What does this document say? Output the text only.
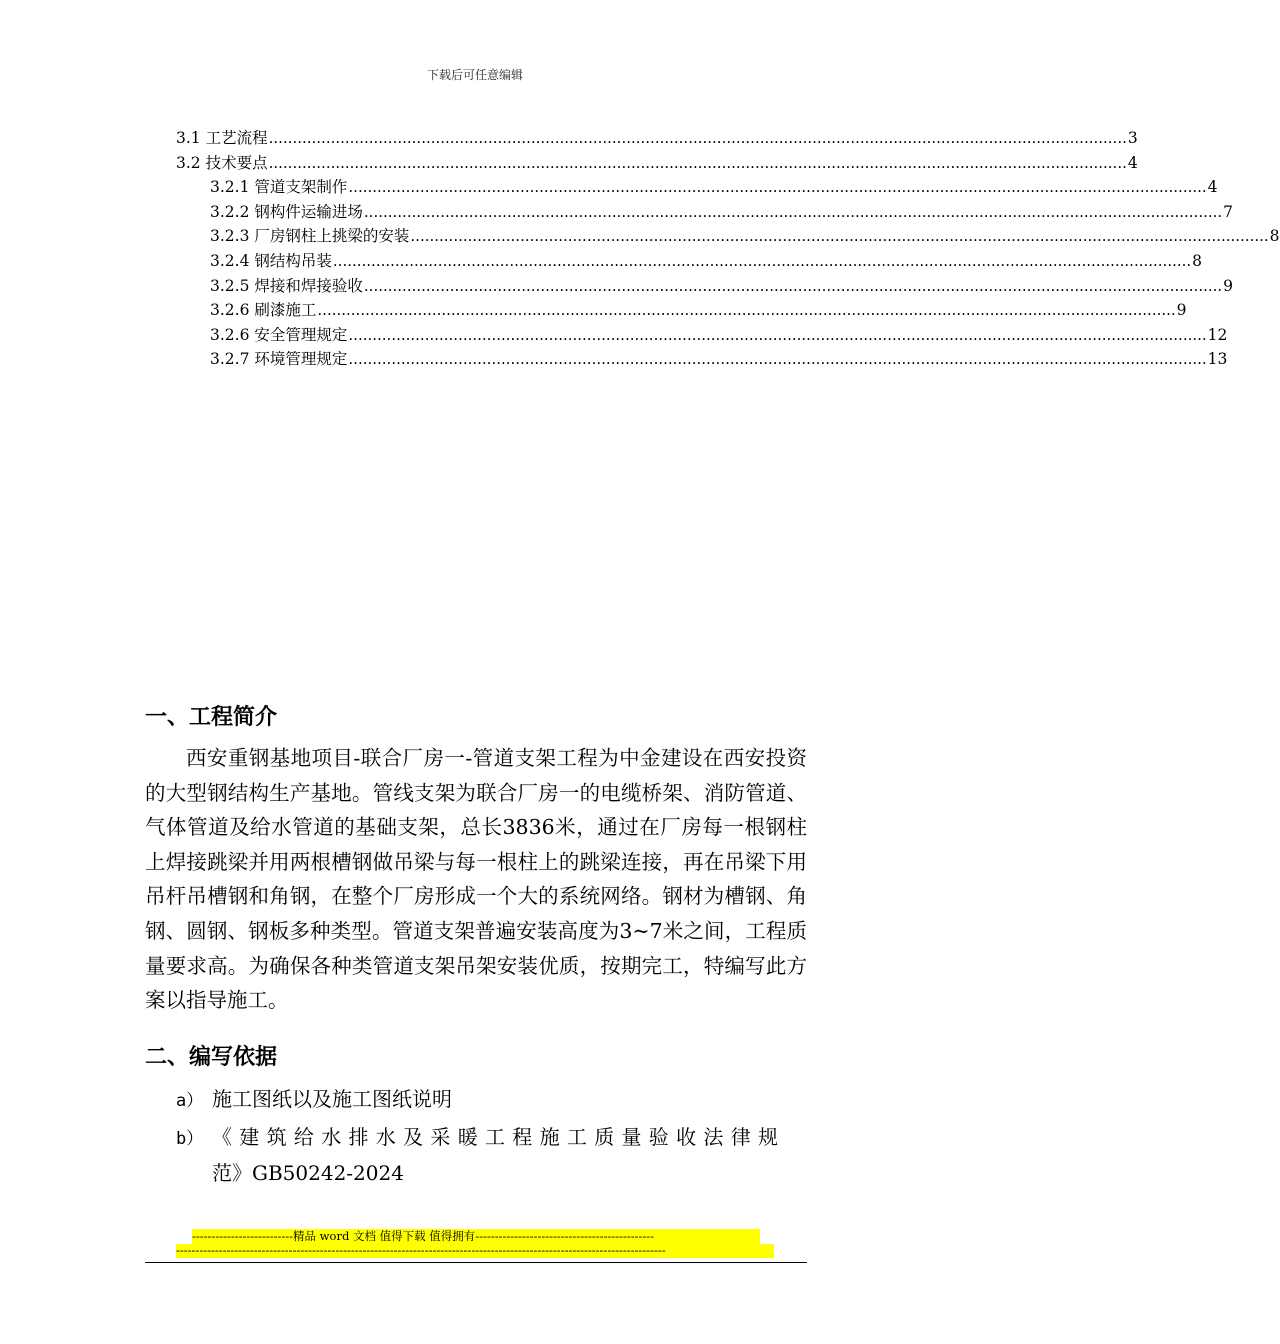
下载后可任意编辑
3.1
工艺流程 .................................................................................................................................................................................... 3
3.2
技术要点 .................................................................................................................................................................................... 4
3.2.1
管道支架制作 .................................................................................................................................................................................... 4
3.2.2
钢构件运输进场 .................................................................................................................................................................................... 7
3.2.3
厂房钢柱上挑梁的安装 .................................................................................................................................................................................... 8
3.2.4
钢结构吊装 .................................................................................................................................................................................... 8
3.2.5
焊接和焊接验收 .................................................................................................................................................................................... 9
3.2.6
刷漆施工 .................................................................................................................................................................................... 9
3.2.6
安全管理规定 .................................................................................................................................................................................... 12
3.2.7
环境管理规定 .................................................................................................................................................................................... 13
一、工程简介
西安重钢基地项目-联合厂房一-管道支架工程为中金建设在西安投资的大型钢结构生产基地。管线支架为联合厂房一的电缆桥架、消防管道、气体管道及给水管道的基础支架，总长3836米，通过在厂房每一根钢柱上焊接跳梁并用两根槽钢做吊梁与每一根柱上的跳梁连接，再在吊梁下用吊杆吊槽钢和角钢，在整个厂房形成一个大的系统网络。钢材为槽钢、角钢、圆钢、钢板多种类型。管道支架普遍安装高度为3~7米之间，工程质量要求高。为确保各种类管道支架吊架安装优质，按期完工，特编写此方案以指导施工。
二、编写依据
a） 施工图纸以及施工图纸说明
b） 《建筑给水排水及采暖工程施工质量验收法律规
范》GB50242-2024
--------------------------精品 word 文档 值得下载 值得拥有----------------------------------------------
------------------------------------------------------------------------------------------------------------------------------
